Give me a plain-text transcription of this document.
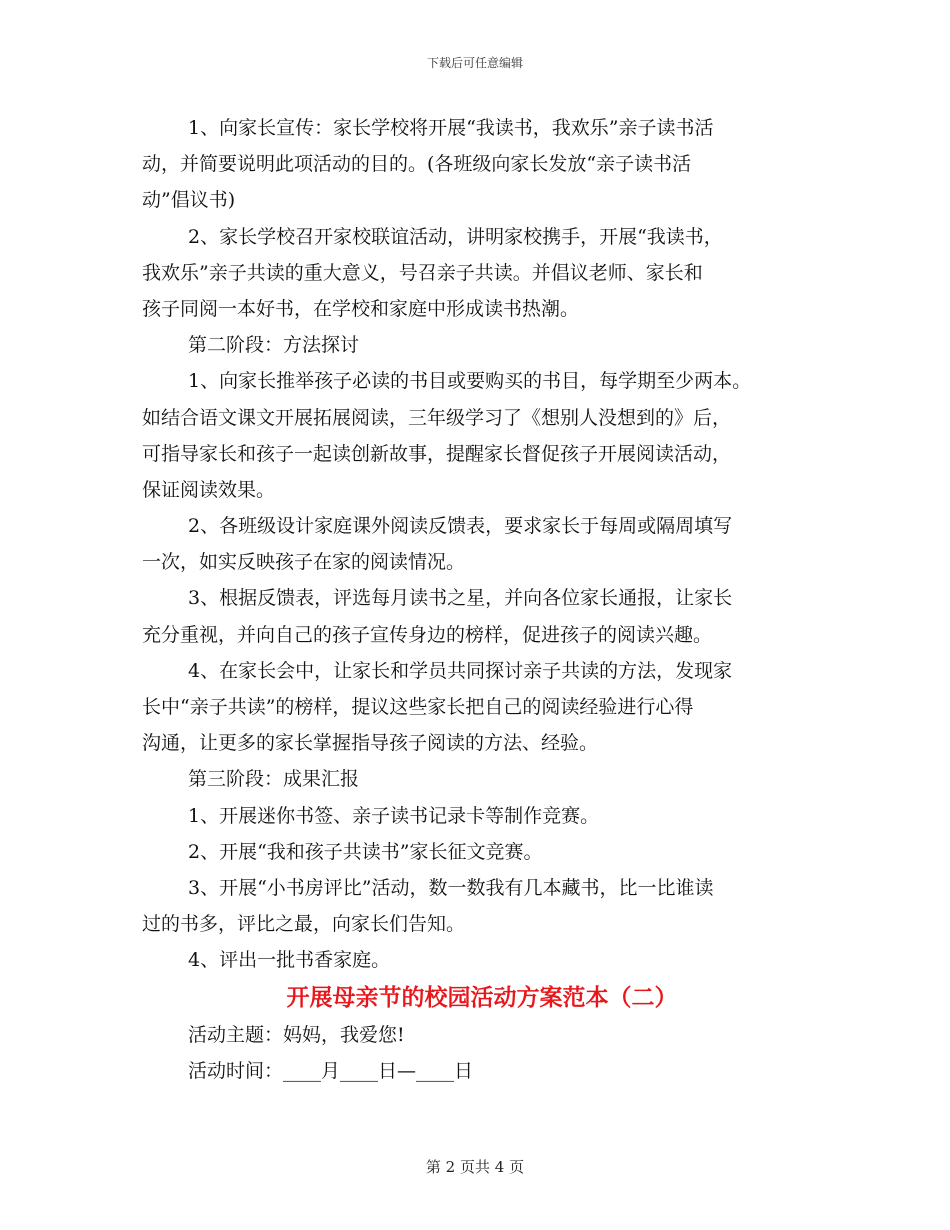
下载后可任意编辑
1、向家长宣传：家长学校将开展“我读书，我欢乐”亲子读书活
动，并简要说明此项活动的目的。(各班级向家长发放“亲子读书活
动”倡议书)
2、家长学校召开家校联谊活动，讲明家校携手，开展“我读书，
我欢乐”亲子共读的重大意义，号召亲子共读。并倡议老师、家长和
孩子同阅一本好书，在学校和家庭中形成读书热潮。
第二阶段：方法探讨
1、向家长推举孩子必读的书目或要购买的书目，每学期至少两本。
如结合语文课文开展拓展阅读，三年级学习了《想别人没想到的》后，
可指导家长和孩子一起读创新故事，提醒家长督促孩子开展阅读活动，
保证阅读效果。
2、各班级设计家庭课外阅读反馈表，要求家长于每周或隔周填写
一次，如实反映孩子在家的阅读情况。
3、根据反馈表，评选每月读书之星，并向各位家长通报，让家长
充分重视，并向自己的孩子宣传身边的榜样，促进孩子的阅读兴趣。
4、在家长会中，让家长和学员共同探讨亲子共读的方法，发现家
长中“亲子共读”的榜样，提议这些家长把自己的阅读经验进行心得
沟通，让更多的家长掌握指导孩子阅读的方法、经验。
第三阶段：成果汇报
1、开展迷你书签、亲子读书记录卡等制作竞赛。
2、开展“我和孩子共读书”家长征文竞赛。
3、开展“小书房评比”活动，数一数我有几本藏书，比一比谁读
过的书多，评比之最，向家长们告知。
4、评出一批书香家庭。
开展母亲节的校园活动方案范本（二）
活动主题：妈妈，我爱您!
活动时间：____月____日—____日
第 2 页共 4 页
